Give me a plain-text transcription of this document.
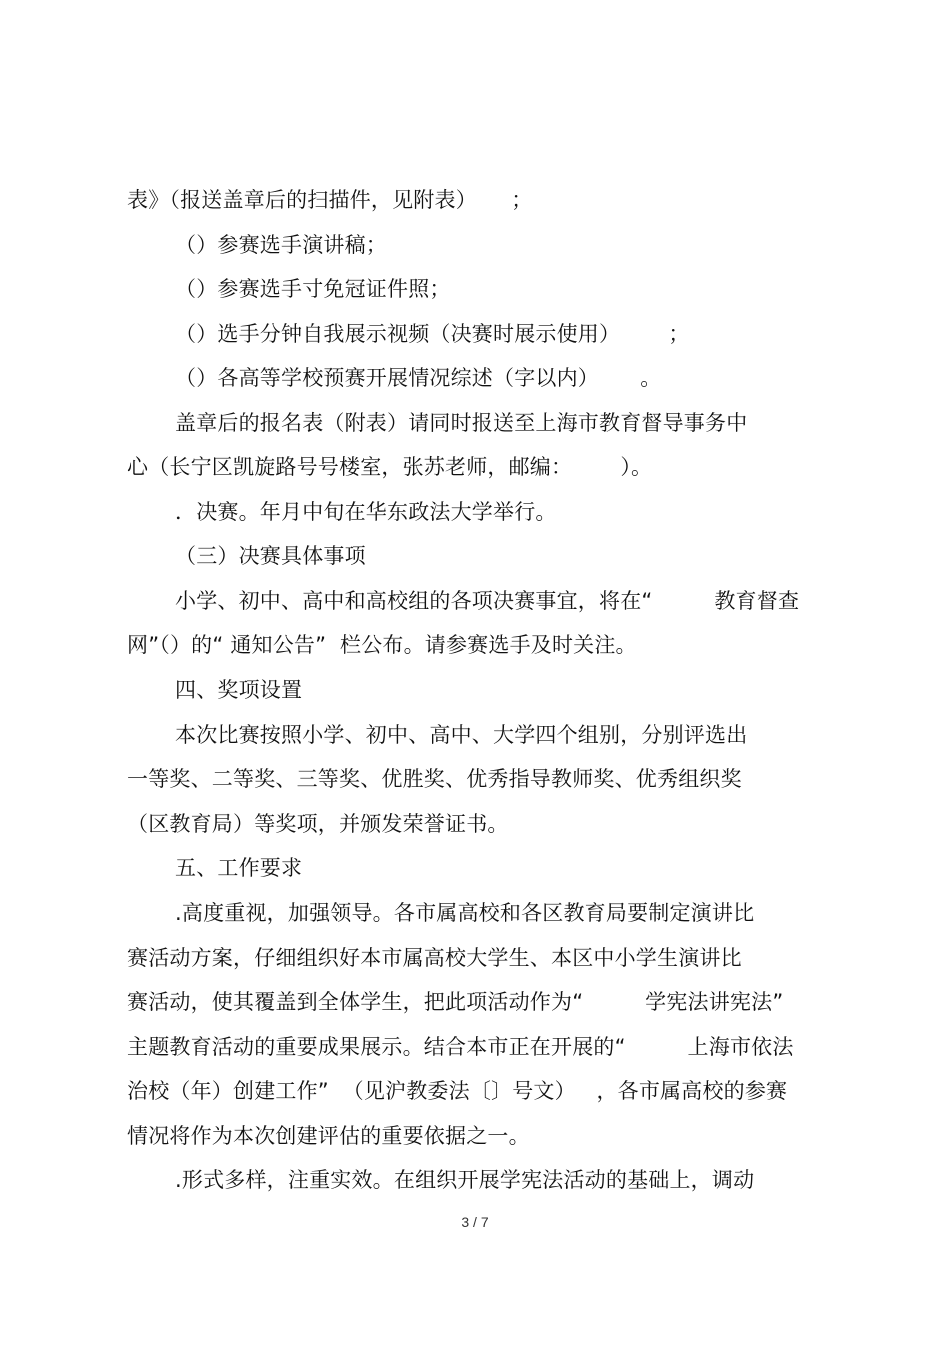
表》（报送盖章后的扫描件，见附表）     ；
（）参赛选手演讲稿；
（）参赛选手寸免冠证件照；
（）选手分钟自我展示视频（决赛时展示使用）       ；
（）各高等学校预赛开展情况综述（字以内）      。
盖章后的报名表（附表）请同时报送至上海市教育督导事务中
心（长宁区凯旋路号号楼室，张苏老师，邮编：       ）。
．决赛。年月中旬在华东政法大学举行。
（三）决赛具体事项
小学、初中、高中和高校组的各项决赛事宜，将在“         教育督查
网”（）的“ 通知公告”  栏公布。请参赛选手及时关注。
四、奖项设置
本次比赛按照小学、初中、高中、大学四个组别，分别评选出
一等奖、二等奖、三等奖、优胜奖、优秀指导教师奖、优秀组织奖
（区教育局）等奖项，并颁发荣誉证书。
五、工作要求
.高度重视，加强领导。各市属高校和各区教育局要制定演讲比
赛活动方案，仔细组织好本市属高校大学生、本区中小学生演讲比
赛活动，使其覆盖到全体学生，把此项活动作为“         学宪法讲宪法”
主题教育活动的重要成果展示。结合本市正在开展的“         上海市依法
治校（年）创建工作”  （见沪教委法〔〕号文）   ，各市属高校的参赛
情况将作为本次创建评估的重要依据之一。
.形式多样，注重实效。在组织开展学宪法活动的基础上，调动
3 / 7
